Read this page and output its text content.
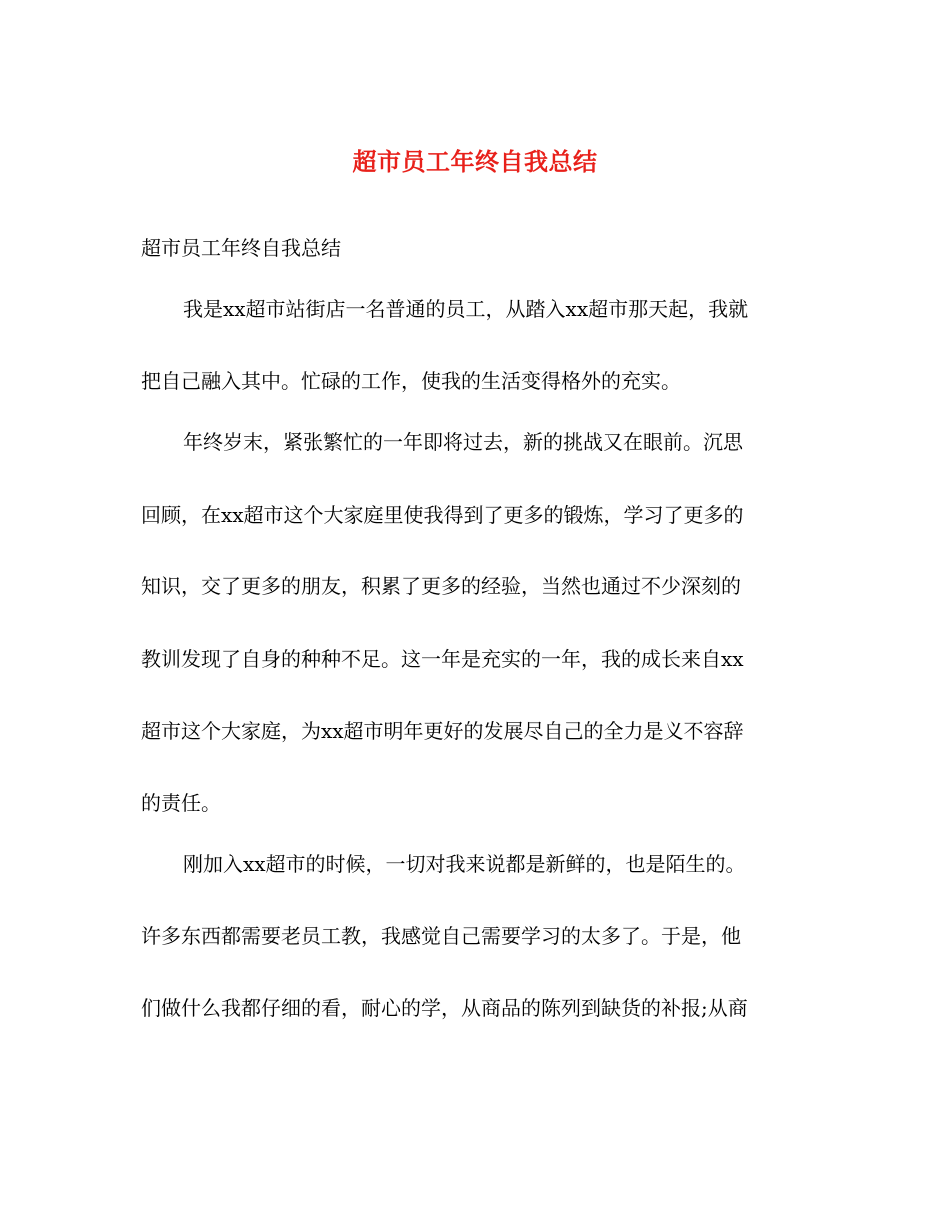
超市员工年终自我总结
超市员工年终自我总结
我是xx超市站街店一名普通的员工，从踏入xx超市那天起，我就
把自己融入其中。忙碌的工作，使我的生活变得格外的充实。
年终岁末，紧张繁忙的一年即将过去，新的挑战又在眼前。沉思
回顾，在xx超市这个大家庭里使我得到了更多的锻炼，学习了更多的
知识，交了更多的朋友，积累了更多的经验，当然也通过不少深刻的
教训发现了自身的种种不足。这一年是充实的一年，我的成长来自xx
超市这个大家庭，为xx超市明年更好的发展尽自己的全力是义不容辞
的责任。
刚加入xx超市的时候，一切对我来说都是新鲜的，也是陌生的。
许多东西都需要老员工教，我感觉自己需要学习的太多了。于是，他
们做什么我都仔细的看，耐心的学，从商品的陈列到缺货的补报;从商
